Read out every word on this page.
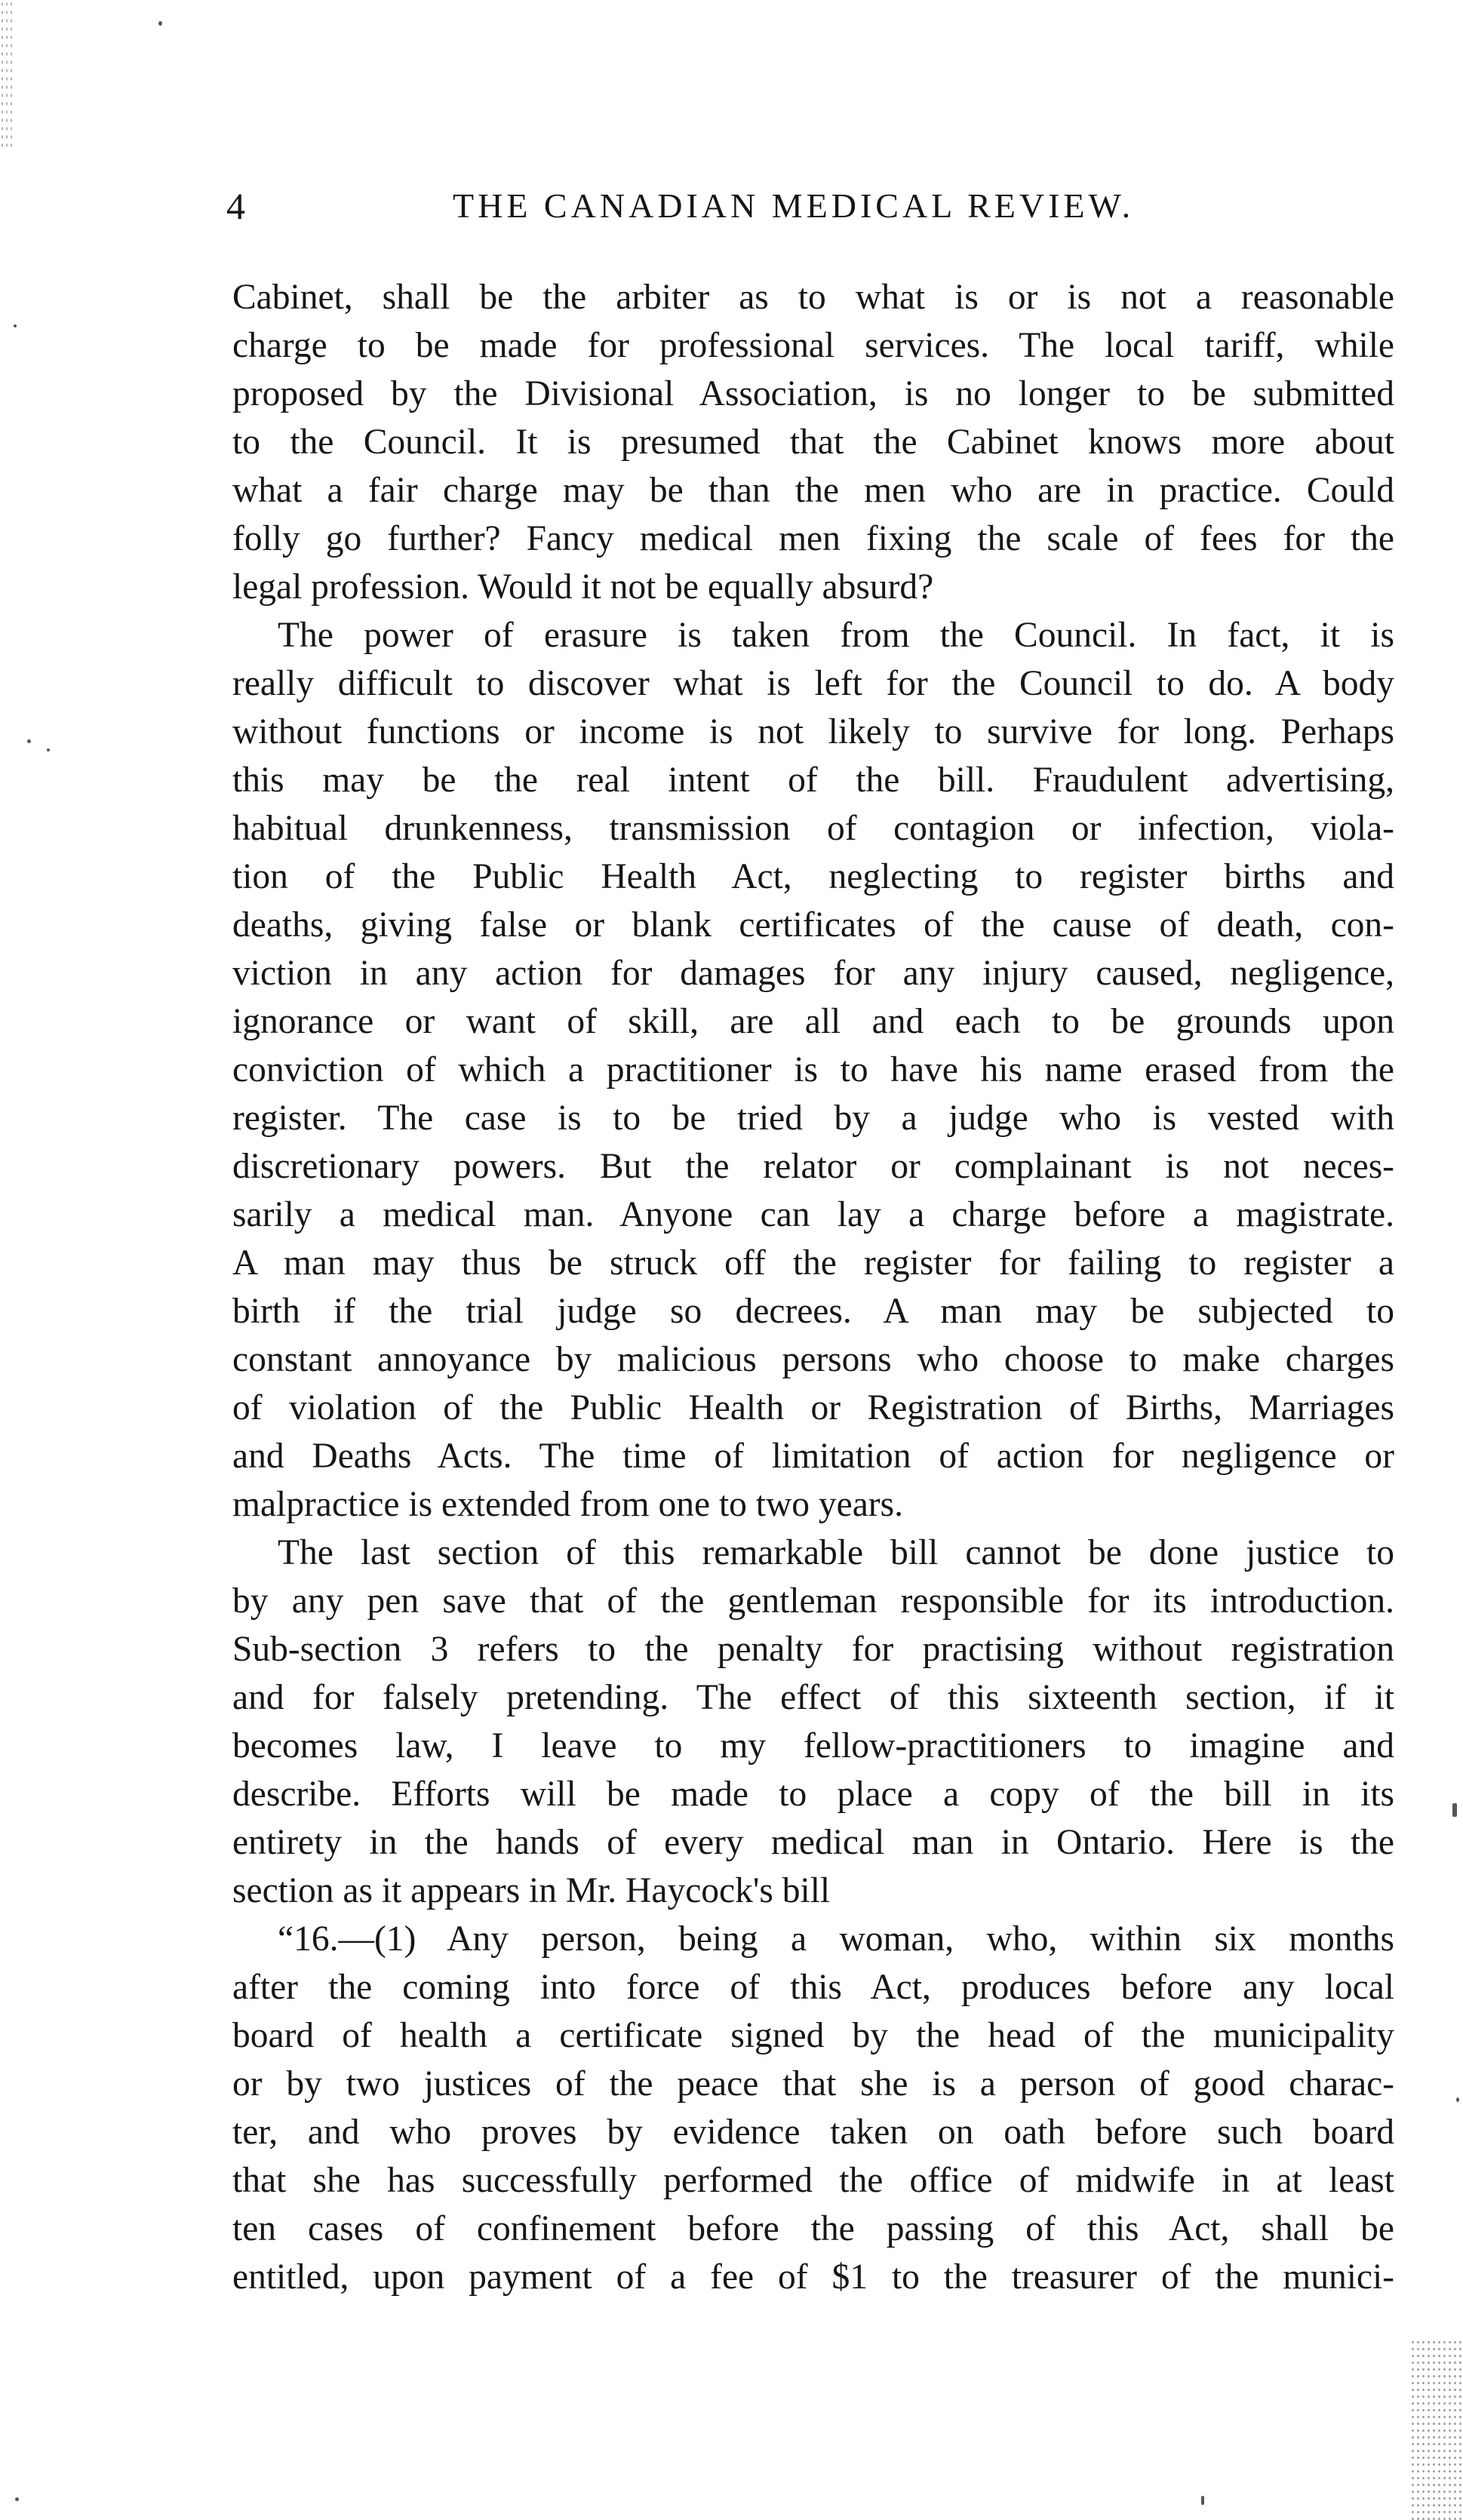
4	THE CANADIAN MEDICAL REVIEW.

Cabinet, shall be the arbiter as to what is or is not a reasonable
charge to be made for professional services. The local tariff, while
proposed by the Divisional Association, is no longer to be submitted
to the Council. It is presumed that the Cabinet knows more about
what a fair charge may be than the men who are in practice. Could
folly go further? Fancy medical men fixing the scale of fees for the
legal profession. Would it not be equally absurd?

The power of erasure is taken from the Council. In fact, it is
really difficult to discover what is left for the Council to do. A body
without functions or income is not likely to survive for long. Perhaps
this may be the real intent of the bill. Fraudulent advertising,
habitual drunkenness, transmission of contagion or infection, viola-
tion of the Public Health Act, neglecting to register births and
deaths, giving false or blank certificates of the cause of death, con-
viction in any action for damages for any injury caused, negligence,
ignorance or want of skill, are all and each to be grounds upon
conviction of which a practitioner is to have his name erased from the
register. The case is to be tried by a judge who is vested with
discretionary powers. But the relator or complainant is not neces-
sarily a medical man. Anyone can lay a charge before a magistrate.
A man may thus be struck off the register for failing to register a
birth if the trial judge so decrees. A man may be subjected to
constant annoyance by malicious persons who choose to make charges
of violation of the Public Health or Registration of Births, Marriages
and Deaths Acts. The time of limitation of action for negligence or
malpractice is extended from one to two years.

The last section of this remarkable bill cannot be done justice to
by any pen save that of the gentleman responsible for its introduction.
Sub-section 3 refers to the penalty for practising without registration
and for falsely pretending. The effect of this sixteenth section, if it
becomes law, I leave to my fellow-practitioners to imagine and
describe. Efforts will be made to place a copy of the bill in its
entirety in the hands of every medical man in Ontario. Here is the
section as it appears in Mr. Haycock's bill

“16.—(1) Any person, being a woman, who, within six months
after the coming into force of this Act, produces before any local
board of health a certificate signed by the head of the municipality
or by two justices of the peace that she is a person of good charac-
ter, and who proves by evidence taken on oath before such board
that she has successfully performed the office of midwife in at least
ten cases of confinement before the passing of this Act, shall be
entitled, upon payment of a fee of $1 to the treasurer of the munici-
